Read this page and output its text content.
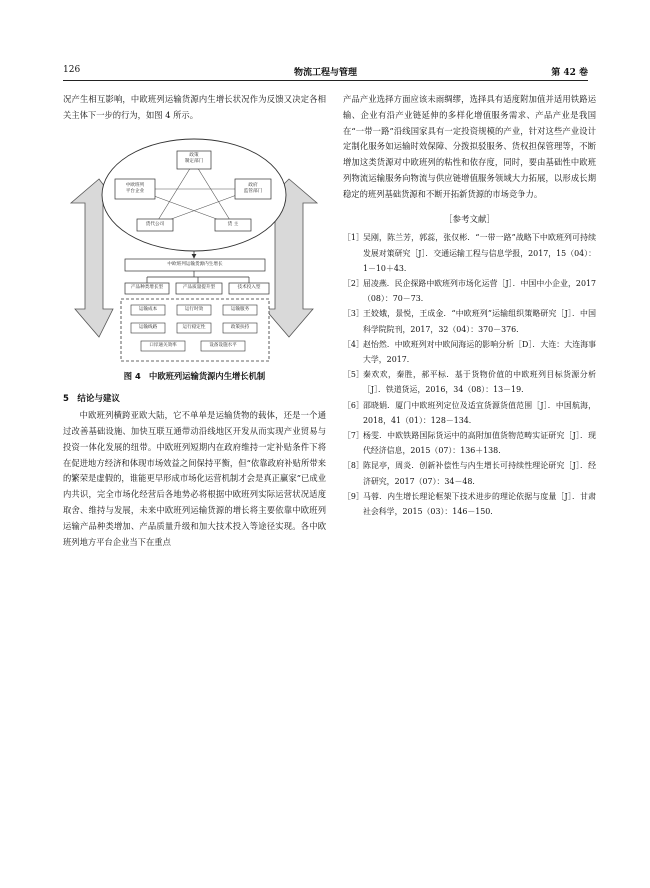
126	物流工程与管理	第 42 卷

况产生相互影响，中欧班列运输货源内生增长状况作为反馈又决定各相关主体下一步的行为，如图 4 所示。

政策
制定部门
中欧班列
平台企业
政府
监管部门
货代公司	货 主
中欧班列运输货源内生增长
产品种类增长型	产品质量提升型	技术投入型
运输成本	运行时效	运输服务
运输线路	运行稳定性	政策扶持
口岸通关效率	设备设施水平
图 4　中欧班列运输货源内生增长机制
5　结论与建议

中欧班列横跨亚欧大陆，它不单单是运输货物的载体，还是一个通过改善基础设施、加快互联互通带动沿线地区开发从而实现产业贸易与投资一体化发展的纽带。中欧班列短期内在政府维持一定补贴条件下将在促进地方经济和体现市场效益之间保持平衡，但“依靠政府补贴所带来的繁荣是虚假的，谁能更早形成市场化运营机制才会是真正赢家”已成业内共识，完全市场化经营后各地势必将根据中欧班列实际运营状况适度取舍、维持与发展，未来中欧班列运输货源的增长将主要依靠中欧班列运输产品种类增加、产品质量升级和加大技术投入等途径实现。各中欧班列地方平台企业当下在重点

产品产业选择方面应该未雨绸缪，选择具有适度附加值并适用铁路运输、企业有沿产业链延伸的多样化增值服务需求、产品产业是我国在“一带一路”沿线国家具有一定投资规模的产业，针对这些产业设计定制化服务如运输时效保障、分拨拟驳服务、货权担保管理等，不断增加这类货源对中欧班列的粘性和依存度，同时，要由基础性中欧班列物流运输服务向物流与供应链增值服务领域大力拓展，以形成长期稳定的班列基础货源和不断开拓新货源的市场竞争力。

［参考文献］
［1］ 吴刚，陈兰芳，郭蕊，张仅彬．“一带一路”战略下中欧班列可持续发展对策研究［J］．交通运输工程与信息学报，2017，15（04）：1－10＋43．
［2］ 屈凌燕．民企探路中欧班列市场化运营［J］．中国中小企业，2017（08）：70－73．
［3］ 王姣娥，景悦，王成金．“中欧班列”运输组织策略研究［J］．中国科学院院刊，2017，32（04）：370－376．
［4］ 赵怡然．中欧班列对中欧间海运的影响分析［D］．大连：大连海事大学，2017．
［5］ 秦欢欢，秦胜，郝平标．基于货物价值的中欧班列目标货源分析［J］．铁道货运，2016，34（08）：13－19．
［6］ 邵晓娟．厦门中欧班列定位及适宜货源货值范围［J］．中国航海，2018，41（01）：128－134．
［7］ 杨雯．中欧铁路国际货运中的高附加值货物范畴实证研究［J］．现代经济信息，2015（07）：136＋138．
［8］ 陈昆亭，周炎．创新补偿性与内生增长可持续性理论研究［J］．经济研究，2017（07）：34－48．
［9］ 马蓉．内生增长理论框架下技术进步的理论依据与度量［J］．甘肃社会科学，2015（03）：146－150．
